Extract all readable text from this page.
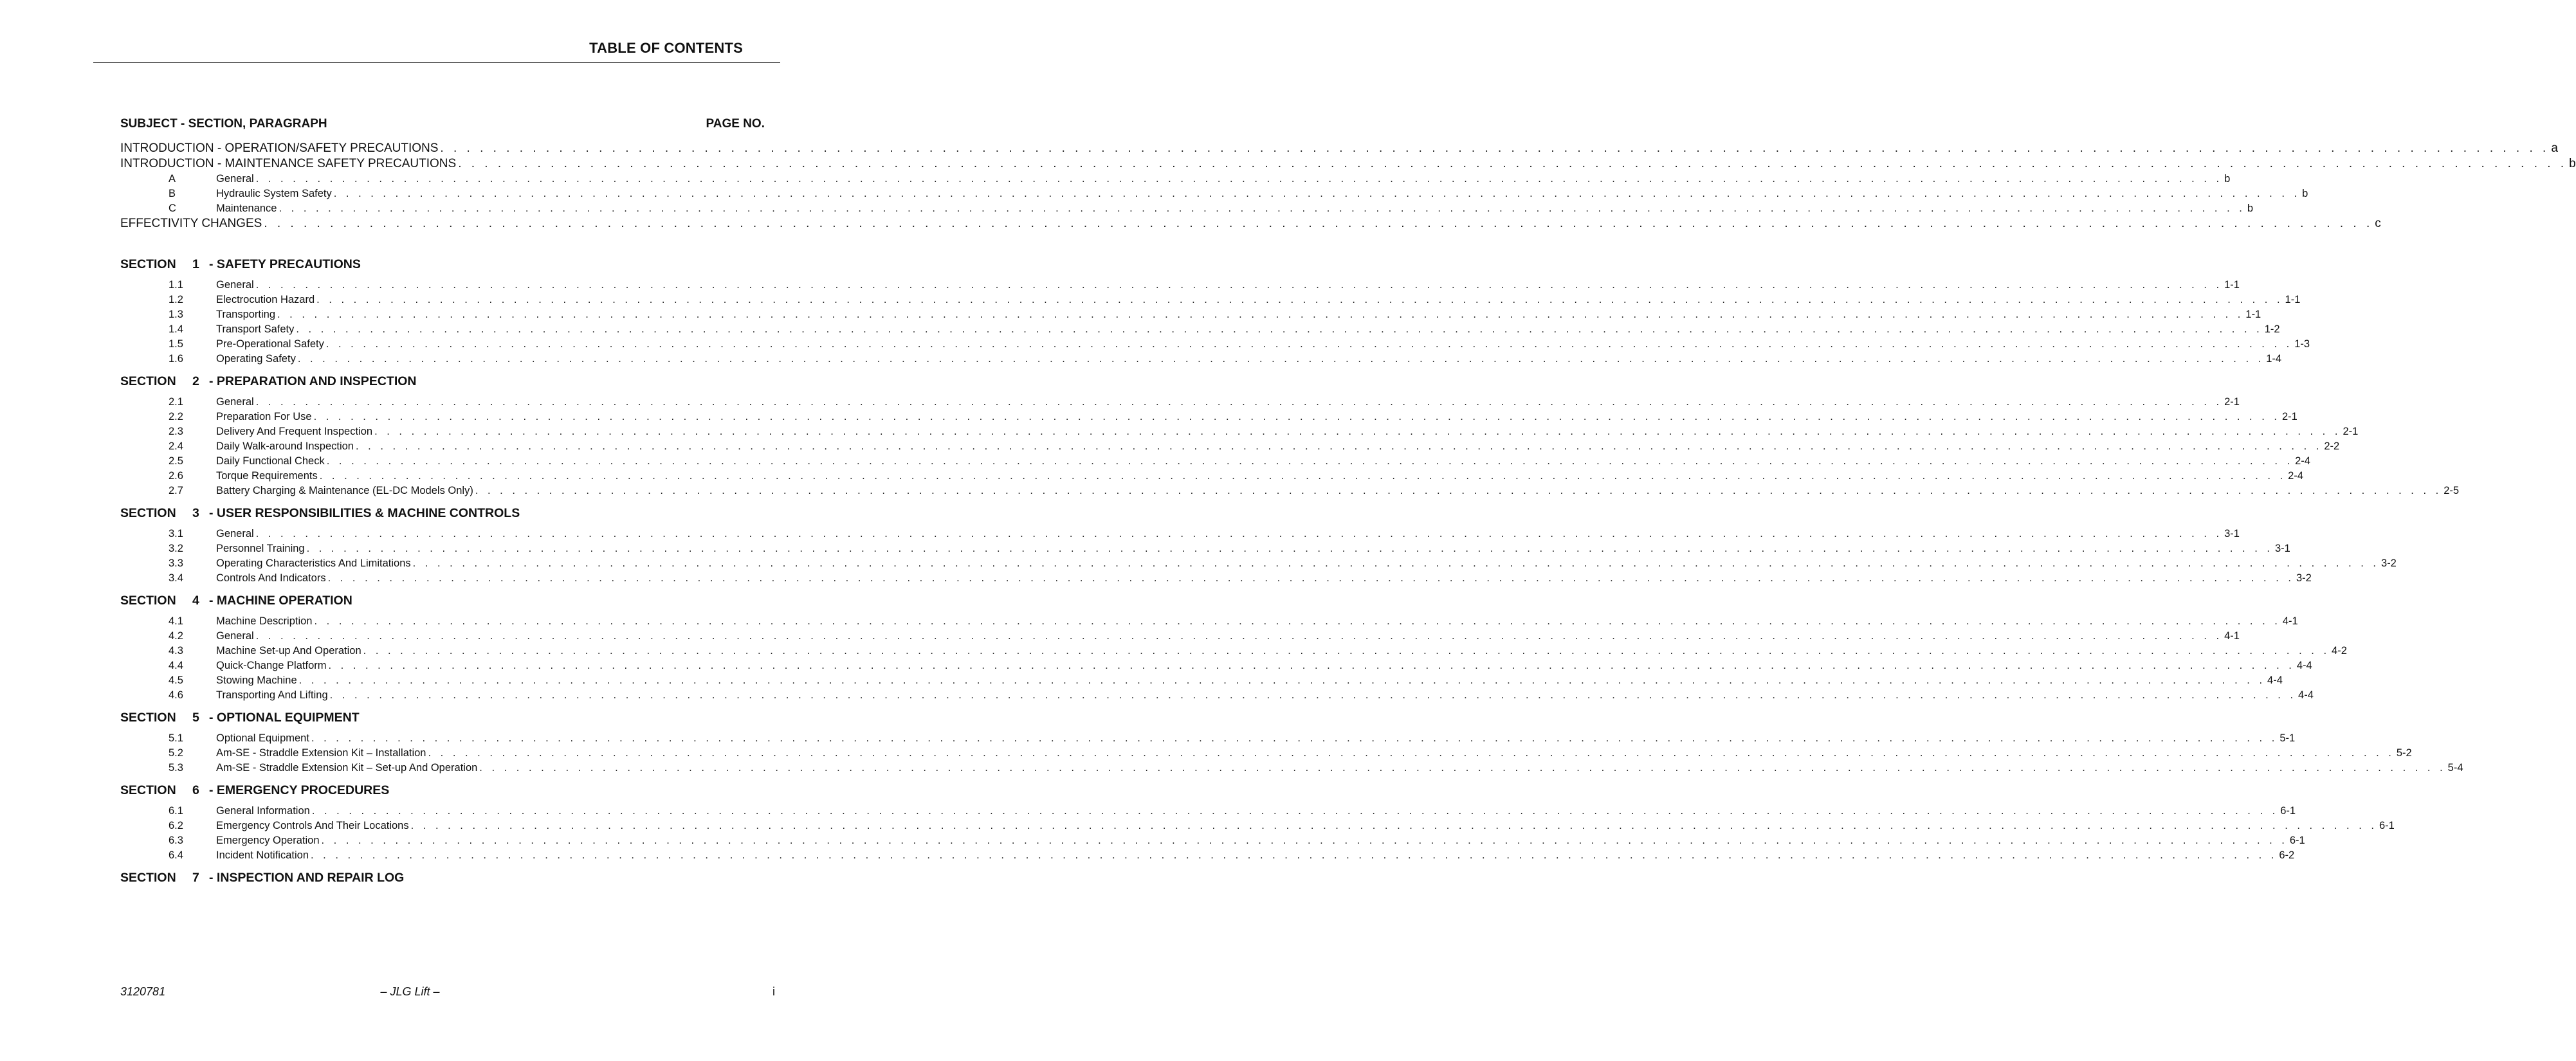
TABLE OF CONTENTS
SUBJECT - SECTION, PARAGRAPH	PAGE NO.
INTRODUCTION - OPERATION/SAFETY PRECAUTIONS . . . . . . . . . . . . . . . . . . . . . . . . . . . . . . . . . . . . . . . . . . . . . . . . . . . . . . . . . . . . . . . . . . . . . . . . . . . . . . . . . . . . . . . . . . . . . . . . . . . . . . . . . . . . . . . . . . . . . . . . . . . . . . . . . . . . . . . . . . . . . . . . . . . . . . . . . . . . . . . . a
INTRODUCTION - MAINTENANCE SAFETY PRECAUTIONS . . . . . . . . . . . . . . . . . . . . . . . . . . . . . . . . . . . . . . . . . . . . . . . . . . . . . . . . . . . . . . . . . . . . . . . . . . . . . . . . . . . . . . . . . . . . . . . . . . . . . . . . . . . . . . . . . . . . . . . . . . . . . . . . . . . . . . . . . . . . . . . . . . . . . . . . . . . . . . . . b
A	General . . . . . . . . . . . . . . . . . . . . . . . . . . . . . . . . . . . . . . . . . . . . . . . . . . . . . . . . . . . . . . . . . . . . . . . . . . . . . . . . . . . . . . . . . . . . . . . . . . . . . . . . . . . . . . . . . . . . . . . . . . . . . . . . . . . . . . . . . . . . . . . . . . . . . . . . . . . . . . . . b
B	Hydraulic System Safety . . . . . . . . . . . . . . . . . . . . . . . . . . . . . . . . . . . . . . . . . . . . . . . . . . . . . . . . . . . . . . . . . . . . . . . . . . . . . . . . . . . . . . . . . . . . . . . . . . . . . . . . . . . . . . . . . . . . . . . . . . . . . . . . . . . . . . . . . . . . . . . . . . . . . . . . . . . . . . . . b
C	Maintenance . . . . . . . . . . . . . . . . . . . . . . . . . . . . . . . . . . . . . . . . . . . . . . . . . . . . . . . . . . . . . . . . . . . . . . . . . . . . . . . . . . . . . . . . . . . . . . . . . . . . . . . . . . . . . . . . . . . . . . . . . . . . . . . . . . . . . . . . . . . . . . . . . . . . . . . . . . . . . . . . b
EFFECTIVITY CHANGES . . . . . . . . . . . . . . . . . . . . . . . . . . . . . . . . . . . . . . . . . . . . . . . . . . . . . . . . . . . . . . . . . . . . . . . . . . . . . . . . . . . . . . . . . . . . . . . . . . . . . . . . . . . . . . . . . . . . . . . . . . . . . . . . . . . . . . . . . . . . . . . . . . . . . . . . . . . . . . . . c
SECTION 1 - SAFETY PRECAUTIONS
1.1	General . . . . . . . . . . . . . . . . . . . . . . . . . . . . . . . . . . . . . . . . . . . . . . . . . . . . . . . . . . . . . . . . . . . . . . . . . . . . . . . . . . . . . . . . . . . . . . . . . . . . . . . . . . . . . . . . . . . . . . . . . . . . . . . . . . . . . . . . . . . . . . . . . . . . . . . . . . . . . . . . 1-1
1.2	Electrocution Hazard . . . . . . . . . . . . . . . . . . . . . . . . . . . . . . . . . . . . . . . . . . . . . . . . . . . . . . . . . . . . . . . . . . . . . . . . . . . . . . . . . . . . . . . . . . . . . . . . . . . . . . . . . . . . . . . . . . . . . . . . . . . . . . . . . . . . . . . . . . . . . . . . . . . . . . . . . . . . . . . . 1-1
1.3	Transporting . . . . . . . . . . . . . . . . . . . . . . . . . . . . . . . . . . . . . . . . . . . . . . . . . . . . . . . . . . . . . . . . . . . . . . . . . . . . . . . . . . . . . . . . . . . . . . . . . . . . . . . . . . . . . . . . . . . . . . . . . . . . . . . . . . . . . . . . . . . . . . . . . . . . . . . . . . . . . . . . 1-1
1.4	Transport Safety . . . . . . . . . . . . . . . . . . . . . . . . . . . . . . . . . . . . . . . . . . . . . . . . . . . . . . . . . . . . . . . . . . . . . . . . . . . . . . . . . . . . . . . . . . . . . . . . . . . . . . . . . . . . . . . . . . . . . . . . . . . . . . . . . . . . . . . . . . . . . . . . . . . . . . . . . . . . . . . . 1-2
1.5	Pre-Operational Safety . . . . . . . . . . . . . . . . . . . . . . . . . . . . . . . . . . . . . . . . . . . . . . . . . . . . . . . . . . . . . . . . . . . . . . . . . . . . . . . . . . . . . . . . . . . . . . . . . . . . . . . . . . . . . . . . . . . . . . . . . . . . . . . . . . . . . . . . . . . . . . . . . . . . . . . . . . . . . . . . 1-3
1.6	Operating Safety . . . . . . . . . . . . . . . . . . . . . . . . . . . . . . . . . . . . . . . . . . . . . . . . . . . . . . . . . . . . . . . . . . . . . . . . . . . . . . . . . . . . . . . . . . . . . . . . . . . . . . . . . . . . . . . . . . . . . . . . . . . . . . . . . . . . . . . . . . . . . . . . . . . . . . . . . . . . . . . . 1-4
SECTION 2 - PREPARATION AND INSPECTION
2.1	General . . . . . . . . . . . . . . . . . . . . . . . . . . . . . . . . . . . . . . . . . . . . . . . . . . . . . . . . . . . . . . . . . . . . . . . . . . . . . . . . . . . . . . . . . . . . . . . . . . . . . . . . . . . . . . . . . . . . . . . . . . . . . . . . . . . . . . . . . . . . . . . . . . . . . . . . . . . . . . . . 2-1
2.2	Preparation For Use . . . . . . . . . . . . . . . . . . . . . . . . . . . . . . . . . . . . . . . . . . . . . . . . . . . . . . . . . . . . . . . . . . . . . . . . . . . . . . . . . . . . . . . . . . . . . . . . . . . . . . . . . . . . . . . . . . . . . . . . . . . . . . . . . . . . . . . . . . . . . . . . . . . . . . . . . . . . . . . . 2-1
2.3	Delivery And Frequent Inspection . . . . . . . . . . . . . . . . . . . . . . . . . . . . . . . . . . . . . . . . . . . . . . . . . . . . . . . . . . . . . . . . . . . . . . . . . . . . . . . . . . . . . . . . . . . . . . . . . . . . . . . . . . . . . . . . . . . . . . . . . . . . . . . . . . . . . . . . . . . . . . . . . . . . . . . . . . . . . . . . 2-1
2.4	Daily Walk-around Inspection . . . . . . . . . . . . . . . . . . . . . . . . . . . . . . . . . . . . . . . . . . . . . . . . . . . . . . . . . . . . . . . . . . . . . . . . . . . . . . . . . . . . . . . . . . . . . . . . . . . . . . . . . . . . . . . . . . . . . . . . . . . . . . . . . . . . . . . . . . . . . . . . . . . . . . . . . . . . . . . . 2-2
2.5	Daily Functional Check . . . . . . . . . . . . . . . . . . . . . . . . . . . . . . . . . . . . . . . . . . . . . . . . . . . . . . . . . . . . . . . . . . . . . . . . . . . . . . . . . . . . . . . . . . . . . . . . . . . . . . . . . . . . . . . . . . . . . . . . . . . . . . . . . . . . . . . . . . . . . . . . . . . . . . . . . . . . . . . . 2-4
2.6	Torque Requirements . . . . . . . . . . . . . . . . . . . . . . . . . . . . . . . . . . . . . . . . . . . . . . . . . . . . . . . . . . . . . . . . . . . . . . . . . . . . . . . . . . . . . . . . . . . . . . . . . . . . . . . . . . . . . . . . . . . . . . . . . . . . . . . . . . . . . . . . . . . . . . . . . . . . . . . . . . . . . . . . 2-4
2.7	Battery Charging & Maintenance (EL-DC Models Only) . . . . . . . . . . . . . . . . . . . . . . . . . . . . . . . . . . . . . . . . . . . . . . . . . . . . . . . . . . . . . . . . . . . . . . . . . . . . . . . . . . . . . . . . . . . . . . . . . . . . . . . . . . . . . . . . . . . . . . . . . . . . . . . . . . . . . . . . . . . . . . . . . . . . . . . . . . . . . . . . 2-5
SECTION 3 - USER RESPONSIBILITIES & MACHINE CONTROLS
3.1	General . . . . . . . . . . . . . . . . . . . . . . . . . . . . . . . . . . . . . . . . . . . . . . . . . . . . . . . . . . . . . . . . . . . . . . . . . . . . . . . . . . . . . . . . . . . . . . . . . . . . . . . . . . . . . . . . . . . . . . . . . . . . . . . . . . . . . . . . . . . . . . . . . . . . . . . . . . . . . . . . 3-1
3.2	Personnel Training . . . . . . . . . . . . . . . . . . . . . . . . . . . . . . . . . . . . . . . . . . . . . . . . . . . . . . . . . . . . . . . . . . . . . . . . . . . . . . . . . . . . . . . . . . . . . . . . . . . . . . . . . . . . . . . . . . . . . . . . . . . . . . . . . . . . . . . . . . . . . . . . . . . . . . . . . . . . . . . . 3-1
3.3	Operating Characteristics And Limitations . . . . . . . . . . . . . . . . . . . . . . . . . . . . . . . . . . . . . . . . . . . . . . . . . . . . . . . . . . . . . . . . . . . . . . . . . . . . . . . . . . . . . . . . . . . . . . . . . . . . . . . . . . . . . . . . . . . . . . . . . . . . . . . . . . . . . . . . . . . . . . . . . . . . . . . . . . . . . . . . 3-2
3.4	Controls And Indicators . . . . . . . . . . . . . . . . . . . . . . . . . . . . . . . . . . . . . . . . . . . . . . . . . . . . . . . . . . . . . . . . . . . . . . . . . . . . . . . . . . . . . . . . . . . . . . . . . . . . . . . . . . . . . . . . . . . . . . . . . . . . . . . . . . . . . . . . . . . . . . . . . . . . . . . . . . . . . . . . 3-2
SECTION 4 - MACHINE OPERATION
4.1	Machine Description . . . . . . . . . . . . . . . . . . . . . . . . . . . . . . . . . . . . . . . . . . . . . . . . . . . . . . . . . . . . . . . . . . . . . . . . . . . . . . . . . . . . . . . . . . . . . . . . . . . . . . . . . . . . . . . . . . . . . . . . . . . . . . . . . . . . . . . . . . . . . . . . . . . . . . . . . . . . . . . . 4-1
4.2	General . . . . . . . . . . . . . . . . . . . . . . . . . . . . . . . . . . . . . . . . . . . . . . . . . . . . . . . . . . . . . . . . . . . . . . . . . . . . . . . . . . . . . . . . . . . . . . . . . . . . . . . . . . . . . . . . . . . . . . . . . . . . . . . . . . . . . . . . . . . . . . . . . . . . . . . . . . . . . . . . 4-1
4.3	Machine Set-up And Operation . . . . . . . . . . . . . . . . . . . . . . . . . . . . . . . . . . . . . . . . . . . . . . . . . . . . . . . . . . . . . . . . . . . . . . . . . . . . . . . . . . . . . . . . . . . . . . . . . . . . . . . . . . . . . . . . . . . . . . . . . . . . . . . . . . . . . . . . . . . . . . . . . . . . . . . . . . . . . . . . 4-2
4.4	Quick-Change Platform . . . . . . . . . . . . . . . . . . . . . . . . . . . . . . . . . . . . . . . . . . . . . . . . . . . . . . . . . . . . . . . . . . . . . . . . . . . . . . . . . . . . . . . . . . . . . . . . . . . . . . . . . . . . . . . . . . . . . . . . . . . . . . . . . . . . . . . . . . . . . . . . . . . . . . . . . . . . . . . . 4-4
4.5	Stowing Machine . . . . . . . . . . . . . . . . . . . . . . . . . . . . . . . . . . . . . . . . . . . . . . . . . . . . . . . . . . . . . . . . . . . . . . . . . . . . . . . . . . . . . . . . . . . . . . . . . . . . . . . . . . . . . . . . . . . . . . . . . . . . . . . . . . . . . . . . . . . . . . . . . . . . . . . . . . . . . . . . 4-4
4.6	Transporting And Lifting . . . . . . . . . . . . . . . . . . . . . . . . . . . . . . . . . . . . . . . . . . . . . . . . . . . . . . . . . . . . . . . . . . . . . . . . . . . . . . . . . . . . . . . . . . . . . . . . . . . . . . . . . . . . . . . . . . . . . . . . . . . . . . . . . . . . . . . . . . . . . . . . . . . . . . . . . . . . . . . . 4-4
SECTION 5 - OPTIONAL EQUIPMENT
5.1	Optional Equipment . . . . . . . . . . . . . . . . . . . . . . . . . . . . . . . . . . . . . . . . . . . . . . . . . . . . . . . . . . . . . . . . . . . . . . . . . . . . . . . . . . . . . . . . . . . . . . . . . . . . . . . . . . . . . . . . . . . . . . . . . . . . . . . . . . . . . . . . . . . . . . . . . . . . . . . . . . . . . . . . 5-1
5.2	Am-SE - Straddle Extension Kit – Installation . . . . . . . . . . . . . . . . . . . . . . . . . . . . . . . . . . . . . . . . . . . . . . . . . . . . . . . . . . . . . . . . . . . . . . . . . . . . . . . . . . . . . . . . . . . . . . . . . . . . . . . . . . . . . . . . . . . . . . . . . . . . . . . . . . . . . . . . . . . . . . . . . . . . . . . . . . . . . . . . 5-2
5.3	Am-SE - Straddle Extension Kit – Set-up And Operation . . . . . . . . . . . . . . . . . . . . . . . . . . . . . . . . . . . . . . . . . . . . . . . . . . . . . . . . . . . . . . . . . . . . . . . . . . . . . . . . . . . . . . . . . . . . . . . . . . . . . . . . . . . . . . . . . . . . . . . . . . . . . . . . . . . . . . . . . . . . . . . . . . . . . . . . . . . . . . . . 5-4
SECTION 6 - EMERGENCY PROCEDURES
6.1	General Information . . . . . . . . . . . . . . . . . . . . . . . . . . . . . . . . . . . . . . . . . . . . . . . . . . . . . . . . . . . . . . . . . . . . . . . . . . . . . . . . . . . . . . . . . . . . . . . . . . . . . . . . . . . . . . . . . . . . . . . . . . . . . . . . . . . . . . . . . . . . . . . . . . . . . . . . . . . . . . . . 6-1
6.2	Emergency Controls And Their Locations . . . . . . . . . . . . . . . . . . . . . . . . . . . . . . . . . . . . . . . . . . . . . . . . . . . . . . . . . . . . . . . . . . . . . . . . . . . . . . . . . . . . . . . . . . . . . . . . . . . . . . . . . . . . . . . . . . . . . . . . . . . . . . . . . . . . . . . . . . . . . . . . . . . . . . . . . . . . . . . . 6-1
6.3	Emergency Operation . . . . . . . . . . . . . . . . . . . . . . . . . . . . . . . . . . . . . . . . . . . . . . . . . . . . . . . . . . . . . . . . . . . . . . . . . . . . . . . . . . . . . . . . . . . . . . . . . . . . . . . . . . . . . . . . . . . . . . . . . . . . . . . . . . . . . . . . . . . . . . . . . . . . . . . . . . . . . . . . 6-1
6.4	Incident Notification . . . . . . . . . . . . . . . . . . . . . . . . . . . . . . . . . . . . . . . . . . . . . . . . . . . . . . . . . . . . . . . . . . . . . . . . . . . . . . . . . . . . . . . . . . . . . . . . . . . . . . . . . . . . . . . . . . . . . . . . . . . . . . . . . . . . . . . . . . . . . . . . . . . . . . . . . . . . . . . . 6-2
SECTION 7 - INSPECTION AND REPAIR LOG
3120781	– JLG Lift –	i
